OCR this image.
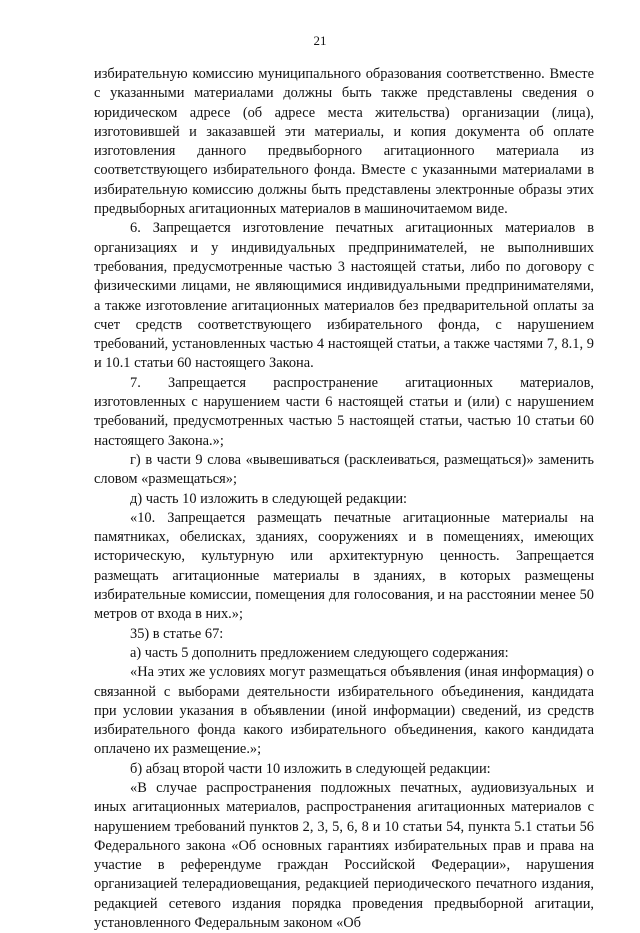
21

избирательную комиссию муниципального образования соответственно. Вместе с указанными материалами должны быть также представлены сведения о юридическом адресе (об адресе места жительства) организации (лица), изготовившей и заказавшей эти материалы, и копия документа об оплате изготовления данного предвыборного агитационного материала из соответствующего избирательного фонда. Вместе с указанными материалами в избирательную комиссию должны быть представлены электронные образы этих предвыборных агитационных материалов в машиночитаемом виде.

6. Запрещается изготовление печатных агитационных материалов в организациях и у индивидуальных предпринимателей, не выполнивших требования, предусмотренные частью 3 настоящей статьи, либо по договору с физическими лицами, не являющимися индивидуальными предпринимателями, а также изготовление агитационных материалов без предварительной оплаты за счет средств соответствующего избирательного фонда, с нарушением требований, установленных частью 4 настоящей статьи, а также частями 7, 8.1, 9 и 10.1 статьи 60 настоящего Закона.

7. Запрещается распространение агитационных материалов, изготовленных с нарушением части 6 настоящей статьи и (или) с нарушением требований, предусмотренных частью 5 настоящей статьи, частью 10 статьи 60 настоящего Закона.»;

г) в части 9 слова «вывешиваться (расклеиваться, размещаться)» заменить словом «размещаться»;

д) часть 10 изложить в следующей редакции:

«10. Запрещается размещать печатные агитационные материалы на памятниках, обелисках, зданиях, сооружениях и в помещениях, имеющих историческую, культурную или архитектурную ценность. Запрещается размещать агитационные материалы в зданиях, в которых размещены избирательные комиссии, помещения для голосования, и на расстоянии менее 50 метров от входа в них.»;

35) в статье 67:

а) часть 5 дополнить предложением следующего содержания:

«На этих же условиях могут размещаться объявления (иная информация) о связанной с выборами деятельности избирательного объединения, кандидата при условии указания в объявлении (иной информации) сведений, из средств избирательного фонда какого избирательного объединения, какого кандидата оплачено их размещение.»;

б) абзац второй части 10 изложить в следующей редакции:

«В случае распространения подложных печатных, аудиовизуальных и иных агитационных материалов, распространения агитационных материалов с нарушением требований пунктов 2, 3, 5, 6, 8 и 10 статьи 54, пункта 5.1 статьи 56 Федерального закона «Об основных гарантиях избирательных прав и права на участие в референдуме граждан Российской Федерации», нарушения организацией телерадиовещания, редакцией периодического печатного издания, редакцией сетевого издания порядка проведения предвыборной агитации, установленного Федеральным законом «Об
